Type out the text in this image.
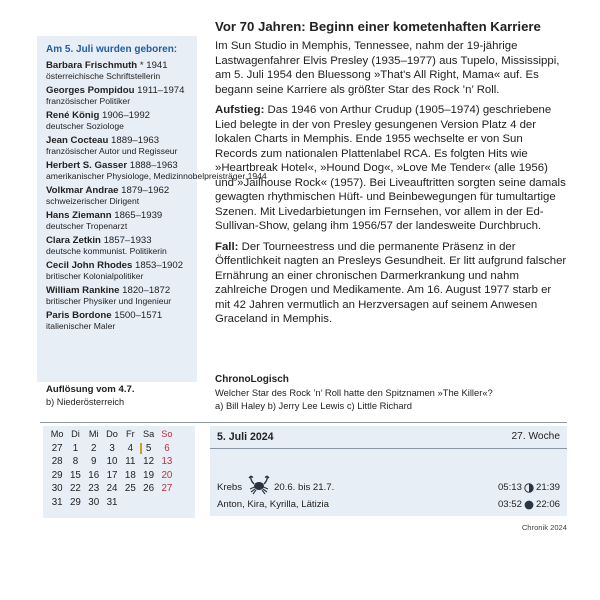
Am 5. Juli wurden geboren:
Barbara Frischmuth * 1941
österreichische Schriftstellerin
Georges Pompidou 1911–1974
französischer Politiker
René König 1906–1992
deutscher Soziologe
Jean Cocteau 1889–1963
französischer Autor und Regisseur
Herbert S. Gasser 1888–1963
amerikanischer Physiologe, Medizinnobelpreisträger 1944
Volkmar Andrae 1879–1962
schweizerischer Dirigent
Hans Ziemann 1865–1939
deutscher Tropenarzt
Clara Zetkin 1857–1933
deutsche kommunist. Politikerin
Cecil John Rhodes 1853–1902
britischer Kolonialpolitiker
William Rankine 1820–1872
britischer Physiker und Ingenieur
Paris Bordone 1500–1571
italienischer Maler
Auflösung vom 4.7.
b) Niederösterreich
Vor 70 Jahren: Beginn einer kometenhaften Karriere

Im Sun Studio in Memphis, Tennessee, nahm der 19-jährige Lastwagenfahrer Elvis Presley (1935–1977) aus Tupelo, Mississippi, am 5. Juli 1954 den Bluessong »That's All Right, Mama« auf. Es begann seine Karriere als größter Star des Rock ’n’ Roll.

Aufstieg: Das 1946 von Arthur Crudup (1905–1974) geschriebene Lied belegte in der von Presley gesungenen Version Platz 4 der lokalen Charts in Memphis. Ende 1955 wechselte er von Sun Records zum nationalen Plattenlabel RCA. Es folgten Hits wie »Heartbreak Hotel«, »Hound Dog«, »Love Me Tender« (alle 1956) und »Jailhouse Rock« (1957). Bei Liveauftritten sorgten seine damals gewagten rhythmischen Hüft- und Beinbewegungen für tumultartige Szenen. Mit Livedarbietungen im Fernsehen, vor allem in der Ed-Sullivan-Show, gelang ihm 1956/57 der landesweite Durchbruch.

Fall: Der Tourneestress und die permanente Präsenz in der Öffentlichkeit nagten an Presleys Gesundheit. Er litt aufgrund falscher Ernährung an einer chronischen Darmerkrankung und nahm zahlreiche Drogen und Medikamente. Am 16. August 1977 starb er mit 42 Jahren vermutlich an Herzversagen auf seinem Anwesen Graceland in Memphis.

ChronoLogisch
Welcher Star des Rock ’n’ Roll hatte den Spitznamen »The Killer«?
a) Bill Haley b) Jerry Lee Lewis c) Little Richard
Mo Di Mi Do Fr Sa So
27	1	2	3	4	5	6
28	8	9	10 11 12 13
29 15 16 17 18 19 20
30 22 23 24 25 26 27
31 29 30 31
5. Juli 2024	27. Woche
Krebs	20.6. bis 21.7.
Anton, Kira, Kyrilla, Lätizia
05:13 21:39
03:52 22:06
Chronik 2024
